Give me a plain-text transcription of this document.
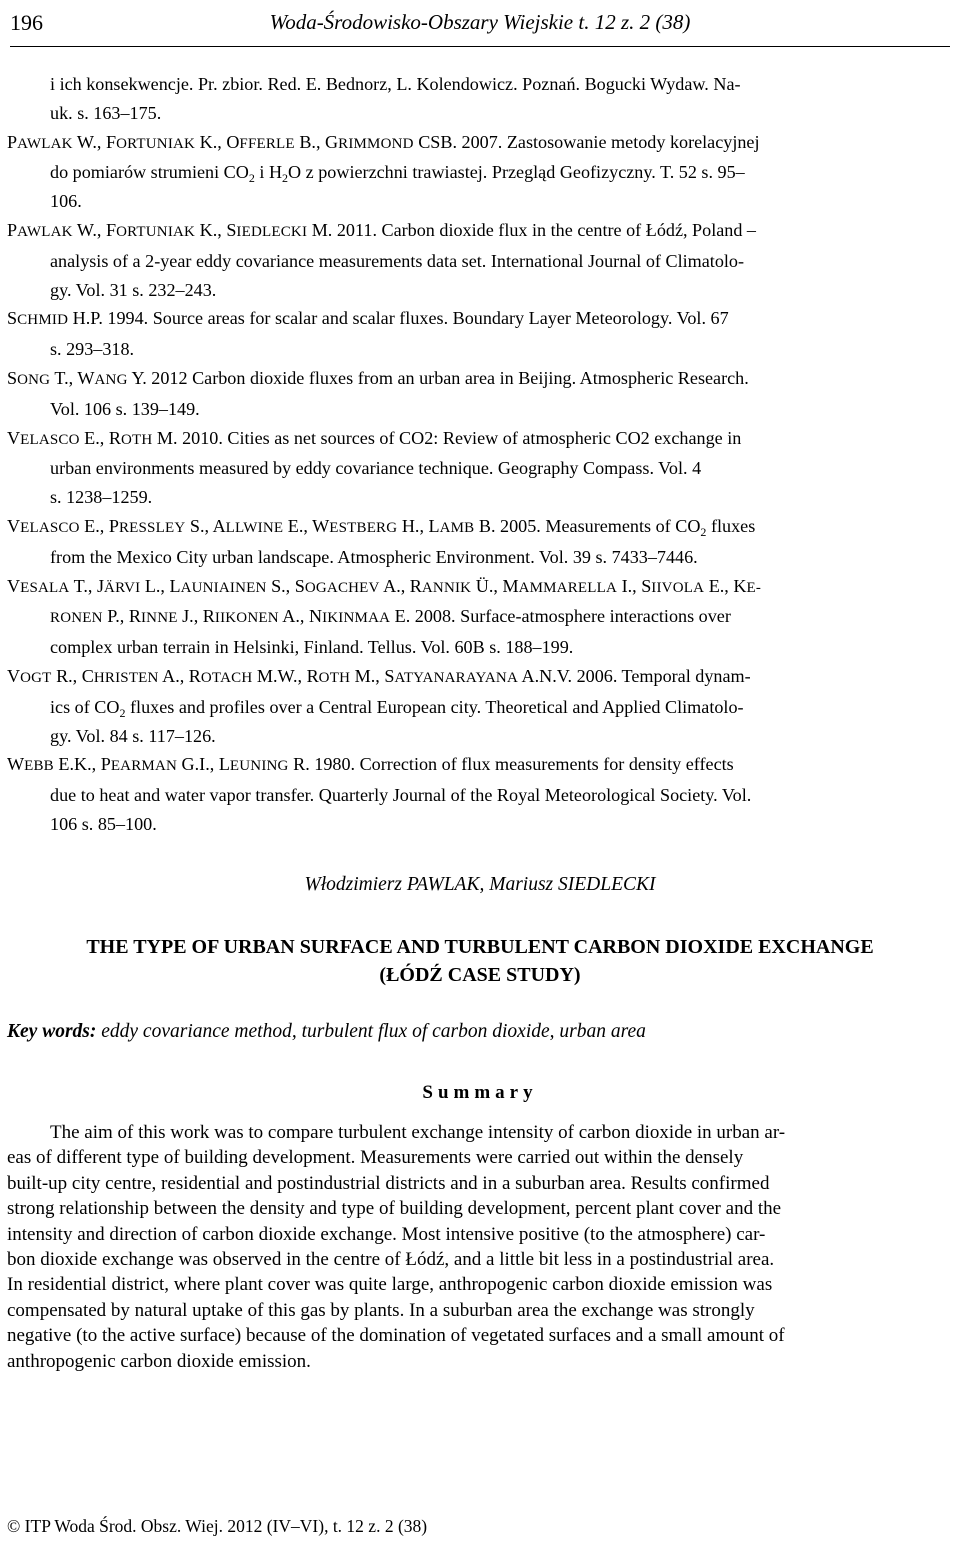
196	Woda-Środowisko-Obszary Wiejskie t. 12 z. 2 (38)
i ich konsekwencje. Pr. zbior. Red. E. Bednorz, L. Kolendowicz. Poznań. Bogucki Wydaw. Na-
uk. s. 163–175.
PAWLAK W., FORTUNIAK K., OFFERLE B., GRIMMOND CSB. 2007. Zastosowanie metody korelacyjnej
do pomiarów strumieni $CO_2$ i $H_2O$ z powierzchni trawiastej. Przegląd Geofizyczny. T. 52 s. 95–
106.
PAWLAK W., FORTUNIAK K., SIEDLECKI M. 2011. Carbon dioxide flux in the centre of Łódź, Poland –
analysis of a 2-year eddy covariance measurements data set. International Journal of Climatolo-
gy. Vol. 31 s. 232–243.
SCHMID H.P. 1994. Source areas for scalar and scalar fluxes. Boundary Layer Meteorology. Vol. 67
s. 293–318.
SONG T., WANG Y. 2012 Carbon dioxide fluxes from an urban area in Beijing. Atmospheric Research.
Vol. 106 s. 139–149.
VELASCO E., ROTH M. 2010. Cities as net sources of CO2: Review of atmospheric CO2 exchange in
urban environments measured by eddy covariance technique. Geography Compass. Vol. 4
s. 1238–1259.
VELASCO E., PRESSLEY S., ALLWINE E., WESTBERG H., LAMB B. 2005. Measurements of $CO_2$ fluxes
from the Mexico City urban landscape. Atmospheric Environment. Vol. 39 s. 7433–7446.
VESALA T., JÄRVI L., LAUNIAINEN S., SOGACHEV A., RANNIK Ü., MAMMARELLA I., SIIVOLA E., KE-
RONEN P., RINNE J., RIIKONEN A., NIKINMAA E. 2008. Surface-atmosphere interactions over
complex urban terrain in Helsinki, Finland. Tellus. Vol. 60B s. 188–199.
VOGT R., CHRISTEN A., ROTACH M.W., ROTH M., SATYANARAYANA A.N.V. 2006. Temporal dynam-
ics of $CO_2$ fluxes and profiles over a Central European city. Theoretical and Applied Climatolo-
gy. Vol. 84 s. 117–126.
WEBB E.K., PEARMAN G.I., LEUNING R. 1980. Correction of flux measurements for density effects
due to heat and water vapor transfer. Quarterly Journal of the Royal Meteorological Society. Vol.
106 s. 85–100.
Włodzimierz PAWLAK, Mariusz SIEDLECKI
THE TYPE OF URBAN SURFACE AND TURBULENT CARBON DIOXIDE EXCHANGE
(ŁÓDŹ CASE STUDY)
Key words: eddy covariance method, turbulent flux of carbon dioxide, urban area
Summary
The aim of this work was to compare turbulent exchange intensity of carbon dioxide in urban ar-
eas of different type of building development. Measurements were carried out within the densely
built-up city centre, residential and postindustrial districts and in a suburban area. Results confirmed
strong relationship between the density and type of building development, percent plant cover and the
intensity and direction of carbon dioxide exchange. Most intensive positive (to the atmosphere) car-
bon dioxide exchange was observed in the centre of Łódź, and a little bit less in a postindustrial area.
In residential district, where plant cover was quite large, anthropogenic carbon dioxide emission was
compensated by natural uptake of this gas by plants. In a suburban area the exchange was strongly
negative (to the active surface) because of the domination of vegetated surfaces and a small amount of
anthropogenic carbon dioxide emission.
© ITP Woda Środ. Obsz. Wiej. 2012 (IV–VI), t. 12 z. 2 (38)
